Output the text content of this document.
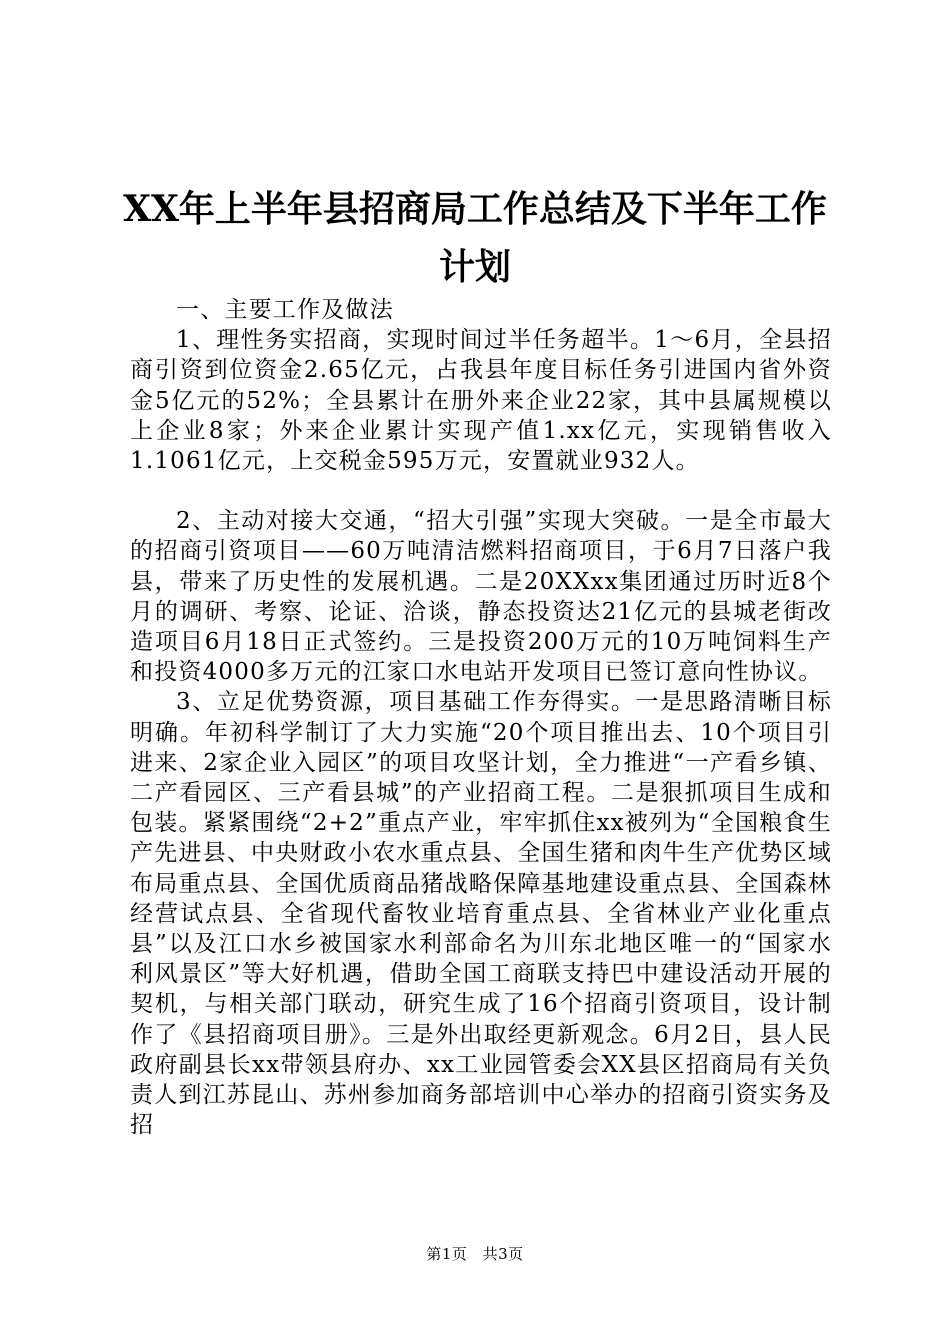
XX年上半年县招商局工作总结及下半年工作计划

一、主要工作及做法

1、理性务实招商，实现时间过半任务超半。1～6月，全县招商引资到位资金2.65亿元，占我县年度目标任务引进国内省外资金5亿元的52%；全县累计在册外来企业22家，其中县属规模以上企业8家；外来企业累计实现产值1.xx亿元，实现销售收入1.1061亿元，上交税金595万元，安置就业932人。

2、主动对接大交通，“招大引强”实现大突破。一是全市最大的招商引资项目——60万吨清洁燃料招商项目，于6月7日落户我县，带来了历史性的发展机遇。二是20XXxx集团通过历时近8个月的调研、考察、论证、洽谈，静态投资达21亿元的县城老街改造项目6月18日正式签约。三是投资200万元的10万吨饲料生产和投资4000多万元的江家口水电站开发项目已签订意向性协议。

3、立足优势资源，项目基础工作夯得实。一是思路清晰目标明确。年初科学制订了大力实施“20个项目推出去、10个项目引进来、2家企业入园区”的项目攻坚计划，全力推进“一产看乡镇、二产看园区、三产看县城”的产业招商工程。二是狠抓项目生成和包装。紧紧围绕“2+2”重点产业，牢牢抓住xx被列为“全国粮食生产先进县、中央财政小农水重点县、全国生猪和肉牛生产优势区域布局重点县、全国优质商品猪战略保障基地建设重点县、全国森林经营试点县、全省现代畜牧业培育重点县、全省林业产业化重点县”以及江口水乡被国家水利部命名为川东北地区唯一的“国家水利风景区”等大好机遇，借助全国工商联支持巴中建设活动开展的契机，与相关部门联动，研究生成了16个招商引资项目，设计制作了《县招商项目册》。三是外出取经更新观念。6月2日，县人民政府副县长xx带领县府办、xx工业园管委会XX县区招商局有关负责人到江苏昆山、苏州参加商务部培训中心举办的招商引资实务及招

第1页 共3页
